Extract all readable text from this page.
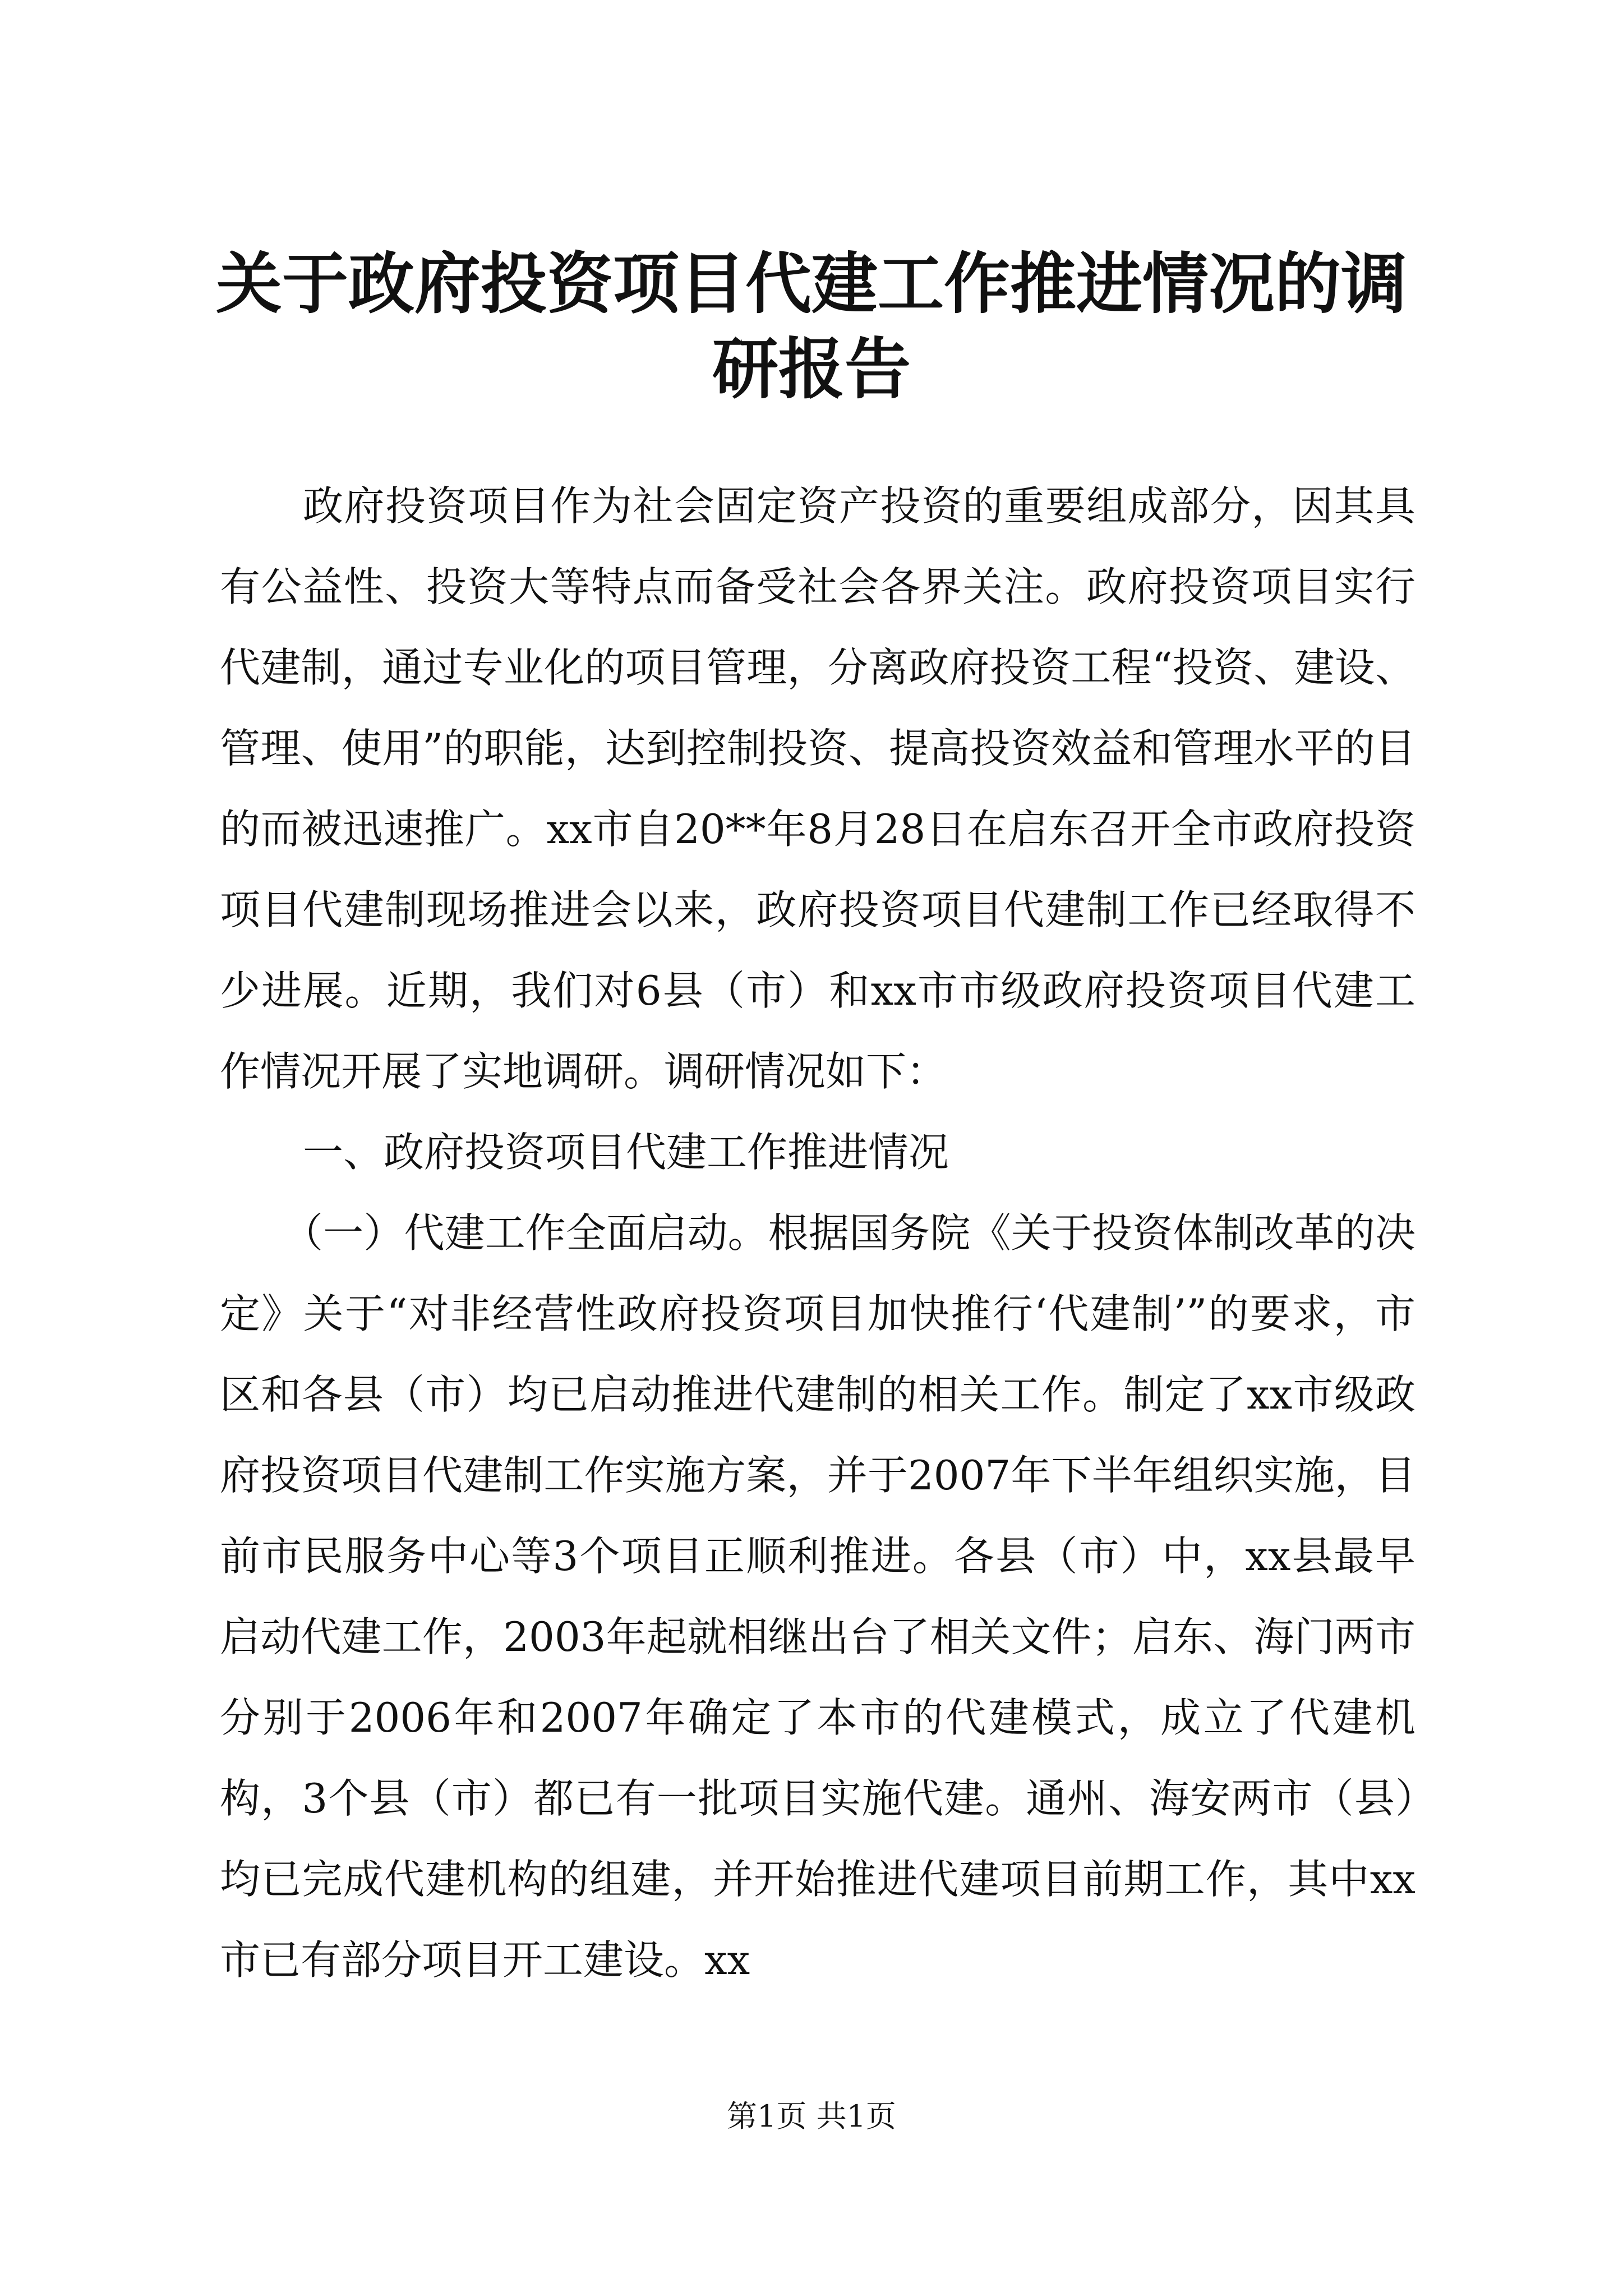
关于政府投资项目代建工作推进情况的调研报告

政府投资项目作为社会固定资产投资的重要组成部分，因其具有公益性、投资大等特点而备受社会各界关注。政府投资项目实行代建制，通过专业化的项目管理，分离政府投资工程“投资、建设、管理、使用”的职能，达到控制投资、提高投资效益和管理水平的目的而被迅速推广。xx市自20**年8月28日在启东召开全市政府投资项目代建制现场推进会以来，政府投资项目代建制工作已经取得不少进展。近期，我们对6县（市）和xx市市级政府投资项目代建工作情况开展了实地调研。调研情况如下：

一、政府投资项目代建工作推进情况

（一）代建工作全面启动。根据国务院《关于投资体制改革的决定》关于“对非经营性政府投资项目加快推行‘代建制’”的要求，市区和各县（市）均已启动推进代建制的相关工作。制定了xx市级政府投资项目代建制工作实施方案，并于2007年下半年组织实施，目前市民服务中心等3个项目正顺利推进。各县（市）中，xx县最早启动代建工作，2003年起就相继出台了相关文件；启东、海门两市分别于2006年和2007年确定了本市的代建模式，成立了代建机构，3个县（市）都已有一批项目实施代建。通州、海安两市（县）均已完成代建机构的组建，并开始推进代建项目前期工作，其中xx市已有部分项目开工建设。xx

第1页 共1页
